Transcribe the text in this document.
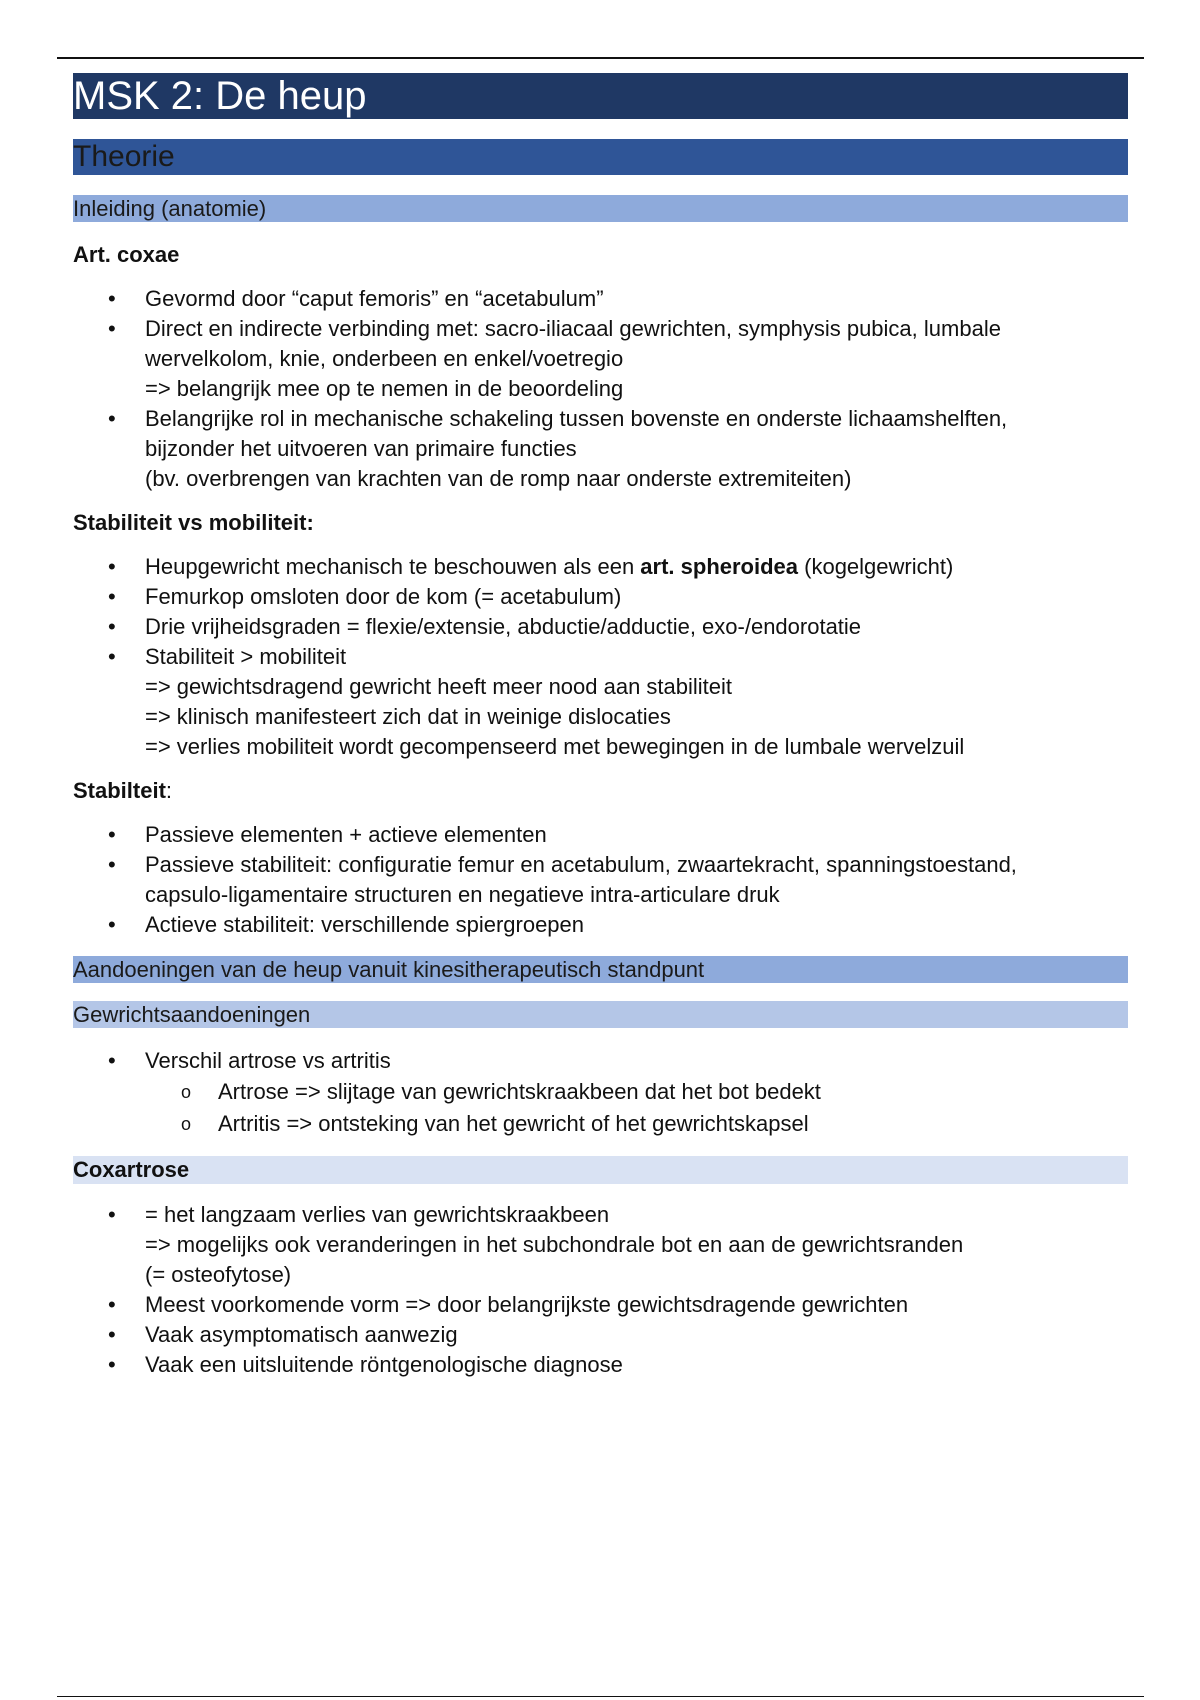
MSK 2: De heup
Theorie
Inleiding (anatomie)
Art. coxae
• Gevormd door “caput femoris” en “acetabulum”
• Direct en indirecte verbinding met: sacro-iliacaal gewrichten, symphysis pubica, lumbale
wervelkolom, knie, onderbeen en enkel/voetregio
=> belangrijk mee op te nemen in de beoordeling
• Belangrijke rol in mechanische schakeling tussen bovenste en onderste lichaamshelften,
bijzonder het uitvoeren van primaire functies
(bv. overbrengen van krachten van de romp naar onderste extremiteiten)
Stabiliteit vs mobiliteit:
• Heupgewricht mechanisch te beschouwen als een art. spheroidea (kogelgewricht)
• Femurkop omsloten door de kom (= acetabulum)
• Drie vrijheidsgraden = flexie/extensie, abductie/adductie, exo-/endorotatie
• Stabiliteit > mobiliteit
=> gewichtsdragend gewricht heeft meer nood aan stabiliteit
=> klinisch manifesteert zich dat in weinige dislocaties
=> verlies mobiliteit wordt gecompenseerd met bewegingen in de lumbale wervelzuil
Stabilteit:
• Passieve elementen + actieve elementen
• Passieve stabiliteit: configuratie femur en acetabulum, zwaartekracht, spanningstoestand,
capsulo-ligamentaire structuren en negatieve intra-articulare druk
• Actieve stabiliteit: verschillende spiergroepen
Aandoeningen van de heup vanuit kinesitherapeutisch standpunt
Gewrichtsaandoeningen
• Verschil artrose vs artritis
o Artrose => slijtage van gewrichtskraakbeen dat het bot bedekt
o Artritis => ontsteking van het gewricht of het gewrichtskapsel
Coxartrose
• = het langzaam verlies van gewrichtskraakbeen
=> mogelijks ook veranderingen in het subchondrale bot en aan de gewrichtsranden
(= osteofytose)
• Meest voorkomende vorm => door belangrijkste gewichtsdragende gewrichten
• Vaak asymptomatisch aanwezig
• Vaak een uitsluitende röntgenologische diagnose
